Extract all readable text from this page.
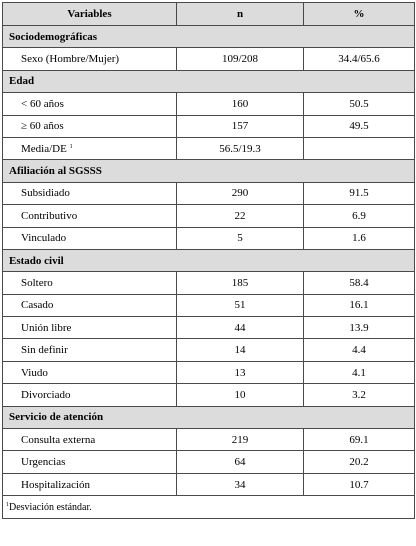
Variables	n	%
Sociodemográficas		
Sexo (Hombre/Mujer)	109/208	34.4/65.6
Edad		
< 60 años	160	50.5
≥ 60 años	157	49.5
Media/DE $^1$	56.5/19.3	
Afiliación al SGSSS		
Subsidiado	290	91.5
Contributivo	22	6.9
Vinculado	5	1.6
Estado civil		
Soltero	185	58.4
Casado	51	16.1
Unión libre	44	13.9
Sin definir	14	4.4
Viudo	13	4.1
Divorciado	10	3.2
Servicio de atención		
Consulta externa	219	69.1
Urgencias	64	20.2
Hospitalización	34	10.7
$^1$Desviación estándar.		
